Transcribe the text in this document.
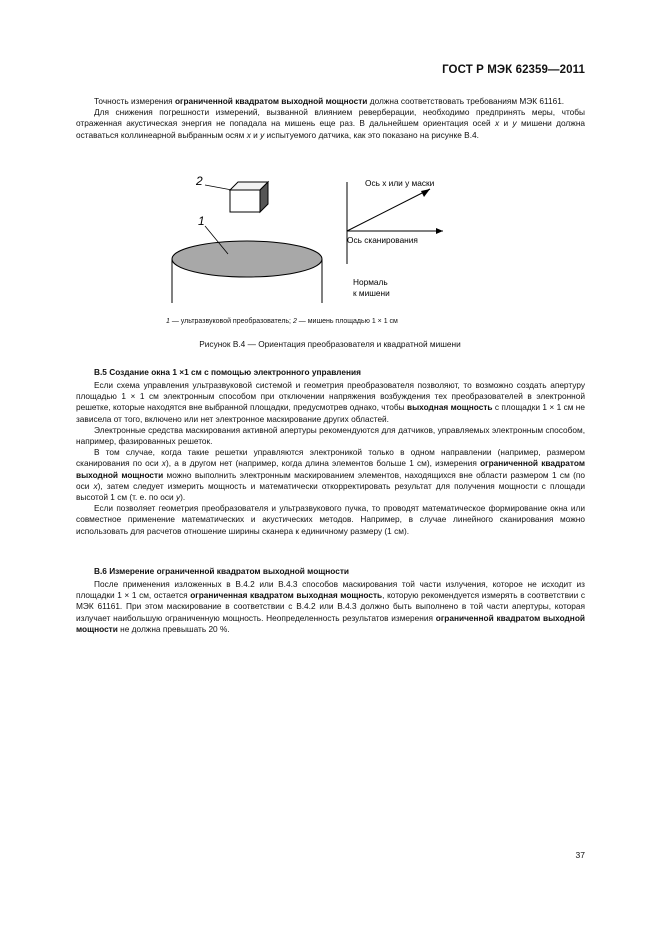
ГОСТ Р МЭК 62359—2011

Точность измерения ограниченной квадратом выходной мощности должна соответствовать требованиям МЭК 61161.

Для снижения погрешности измерений, вызванной влиянием реверберации, необходимо предпринять меры, чтобы отраженная акустическая энергия не попадала на мишень еще раз. В дальнейшем ориентация осей x и y мишени должна оставаться коллинеарной выбранным осям x и y испытуемого датчика, как это показано на рисунке В.4.

2
1
Ось x или y маски
Ось сканирования
Нормаль
к мишени
1 — ультразвуковой преобразователь; 2 — мишень площадью 1 × 1 см
Рисунок В.4 — Ориентация преобразователя и квадратной мишени
В.5 Создание окна 1 ×1 см с помощью электронного управления

Если схема управления ультразвуковой системой и геометрия преобразователя позволяют, то возможно создать апертуру площадью 1 × 1 см электронным способом при отключении напряжения возбуждения тех преобразователей в электронной решетке, которые находятся вне выбранной площадки, предусмотрев однако, чтобы выходная мощность с площадки 1 × 1 см не зависела от того, включено или нет электронное маскирование других областей.

Электронные средства маскирования активной апертуры рекомендуются для датчиков, управляемых электронным способом, например, фазированных решеток.

В том случае, когда такие решетки управляются электроникой только в одном направлении (например, размером сканирования по оси x), а в другом нет (например, когда длина элементов больше 1 см), измерения ограниченной квадратом выходной мощности можно выполнить электронным маскированием элементов, находящихся вне области размером 1 см (по оси x), затем следует измерить мощность и математически откорректировать результат для получения мощности с площади высотой 1 см (т. е. по оси y).

Если позволяет геометрия преобразователя и ультразвукового пучка, то проводят математическое формирование окна или совместное применение математических и акустических методов. Например, в случае линейного сканирования можно использовать для расчетов отношение ширины сканера к единичному размеру (1 см).

В.6 Измерение ограниченной квадратом выходной мощности

После применения изложенных в В.4.2 или В.4.3 способов маскирования той части излучения, которое не исходит из площадки 1 × 1 см, остается ограниченная квадратом выходная мощность, которую рекомендуется измерять в соответствии с МЭК 61161. При этом маскирование в соответствии с В.4.2 или В.4.3 должно быть выполнено в той части апертуры, которая излучает наибольшую ограниченную мощность. Неопределенность результатов измерения ограниченной квадратом выходной мощности не должна превышать 20 %.

37
